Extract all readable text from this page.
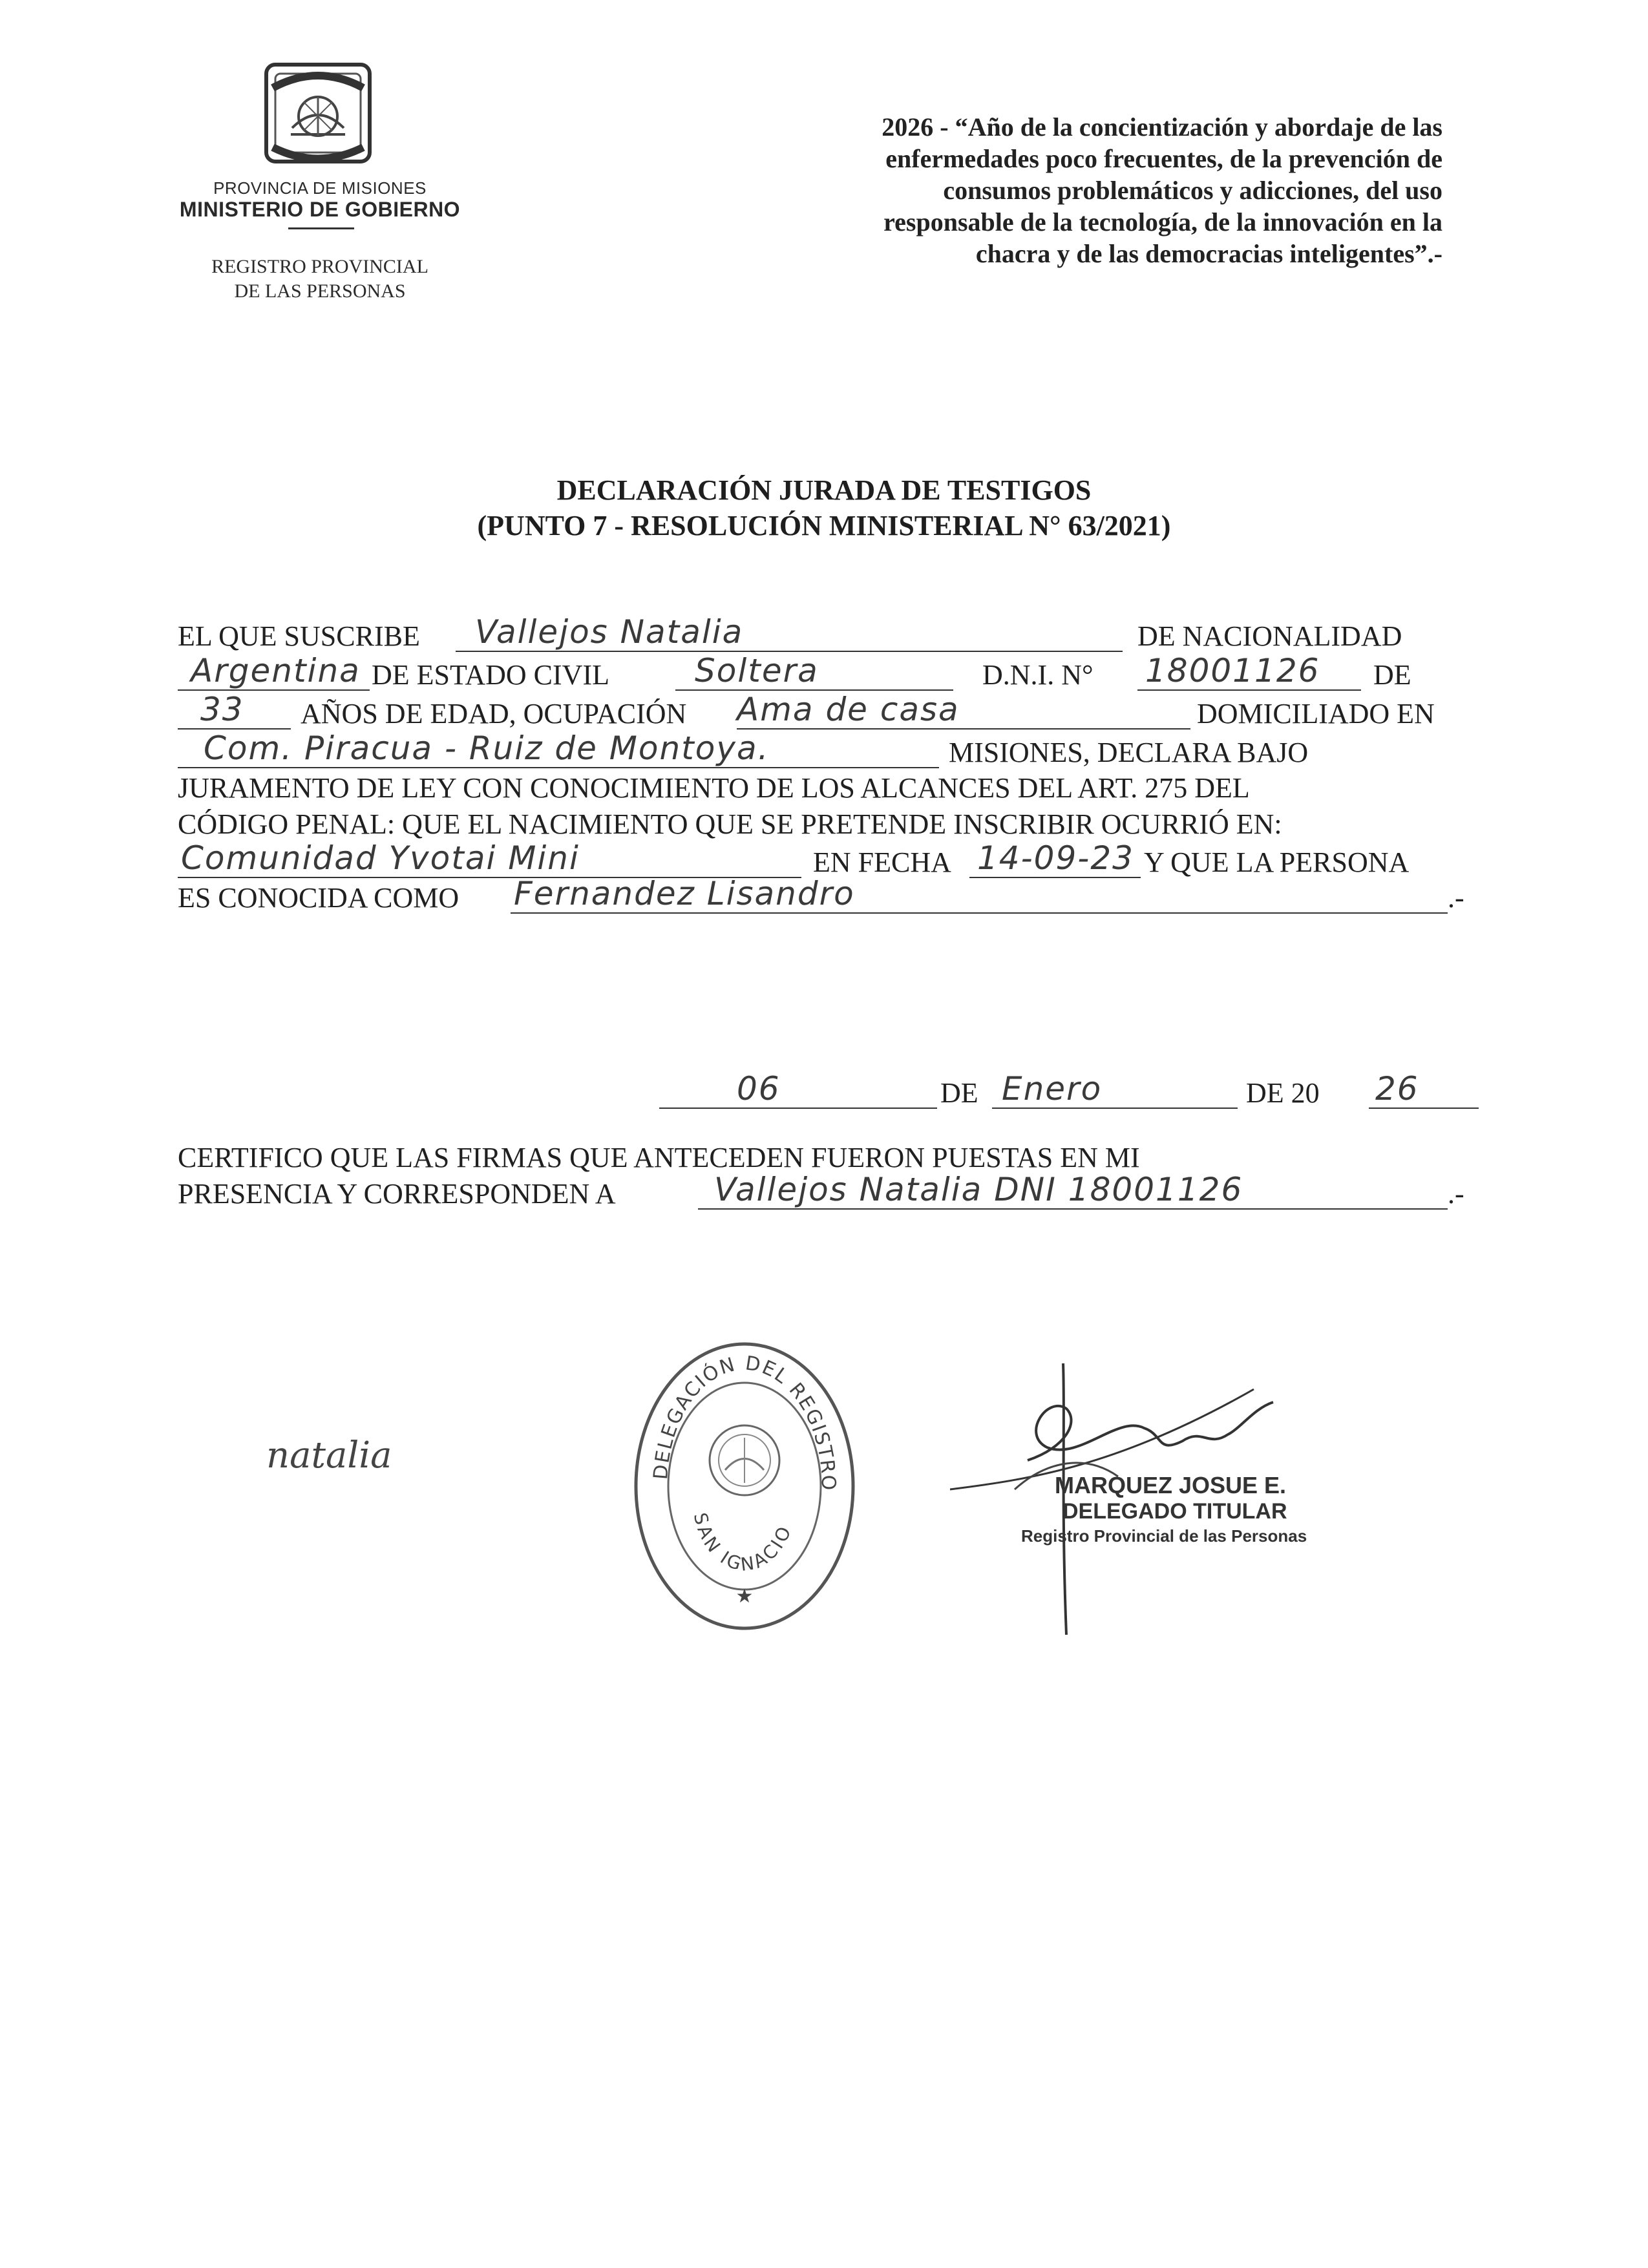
PROVINCIA DE MISIONES
MINISTERIO DE GOBIERNO
REGISTRO PROVINCIAL
DE LAS PERSONAS
2026 - “Año de la concientización y abordaje de las
enfermedades poco frecuentes, de la prevención de
consumos problemáticos y adicciones, del uso
responsable de la tecnología, de la innovación en la
chacra y de las democracias inteligentes”.-
DECLARACIÓN JURADA DE TESTIGOS
(PUNTO 7 - RESOLUCIÓN MINISTERIAL N° 63/2021)
EL QUE SUSCRIBE Vallejos Natalia	DE NACIONALIDAD
Argentina DE ESTADO CIVIL	Soltera	D.N.I. N° 18001126 DE
33 AÑOS DE EDAD, OCUPACIÓN Ama de casa	DOMICILIADO EN
Com. Piracua - Ruiz de Montoya.	MISIONES, DECLARA BAJO
JURAMENTO DE LEY CON CONOCIMIENTO DE LOS ALCANCES DEL ART. 275 DEL
CÓDIGO PENAL: QUE EL NACIMIENTO QUE SE PRETENDE INSCRIBIR OCURRIÓ EN:
Comunidad Yvotai Mini	EN FECHA 14-09-23 Y QUE LA PERSONA
ES CONOCIDA COMO Fernandez Lisandro	.-
06	DE Enero	DE 20 26
CERTIFICO QUE LAS FIRMAS QUE ANTECEDEN FUERON PUESTAS EN MI
PRESENCIA Y CORRESPONDEN A	Vallejos Natalia DNI 18001126	.-
DELEGACIÓN DEL REGISTRO
SAN IGNACIO
★
MARQUEZ JOSUE E.
DELEGADO TITULAR
Registro Provincial de las Personas
natalia
